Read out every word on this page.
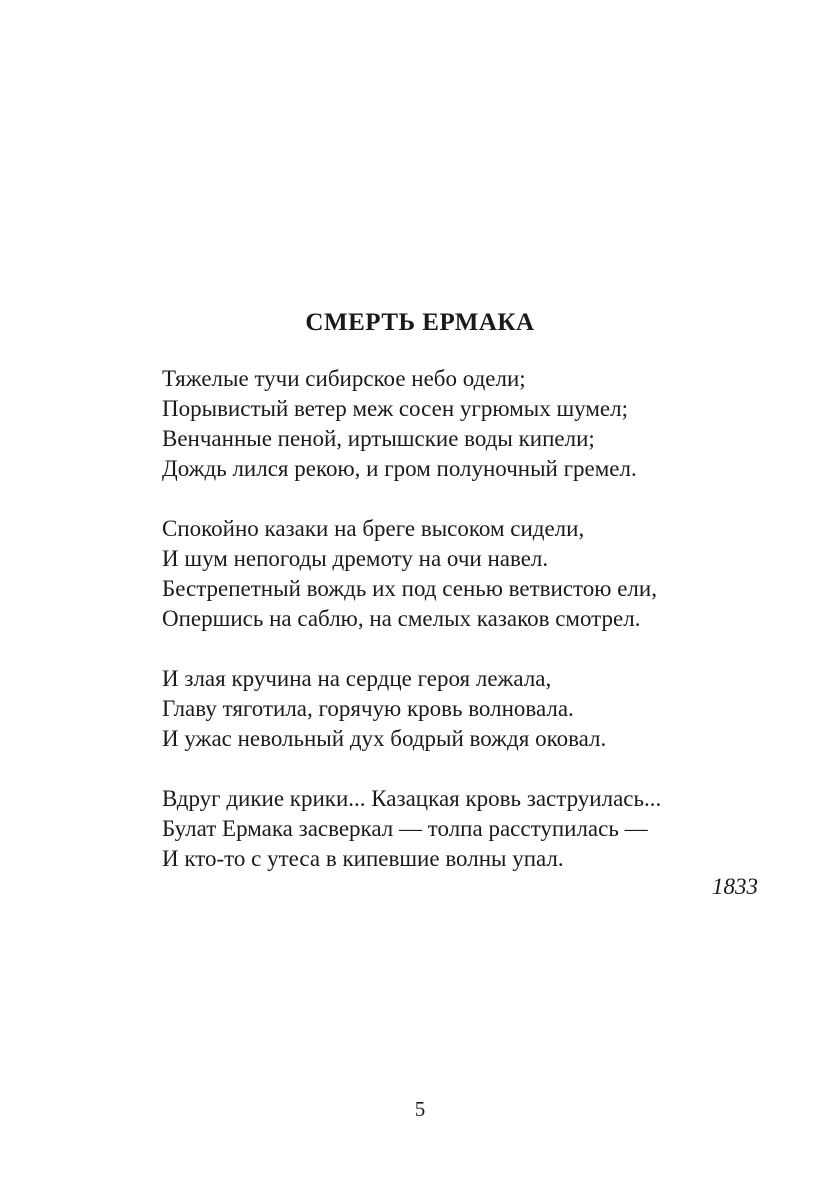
СМЕРТЬ ЕРМАКА
Тяжелые тучи сибирское небо одели;
Порывистый ветер меж сосен угрюмых шумел;
Венчанные пеной, иртышские воды кипели;
Дождь лился рекою, и гром полуночный гремел.
Спокойно казаки на бреге высоком сидели,
И шум непогоды дремоту на очи навел.
Бестрепетный вождь их под сенью ветвистою ели,
Опершись на саблю, на смелых казаков смотрел.
И злая кручина на сердце героя лежала,
Главу тяготила, горячую кровь волновала.
И ужас невольный дух бодрый вождя оковал.
Вдруг дикие крики... Казацкая кровь заструилась...
Булат Ермака засверкал — толпа расступилась —
И кто-то с утеса в кипевшие волны упал.
1833
5
